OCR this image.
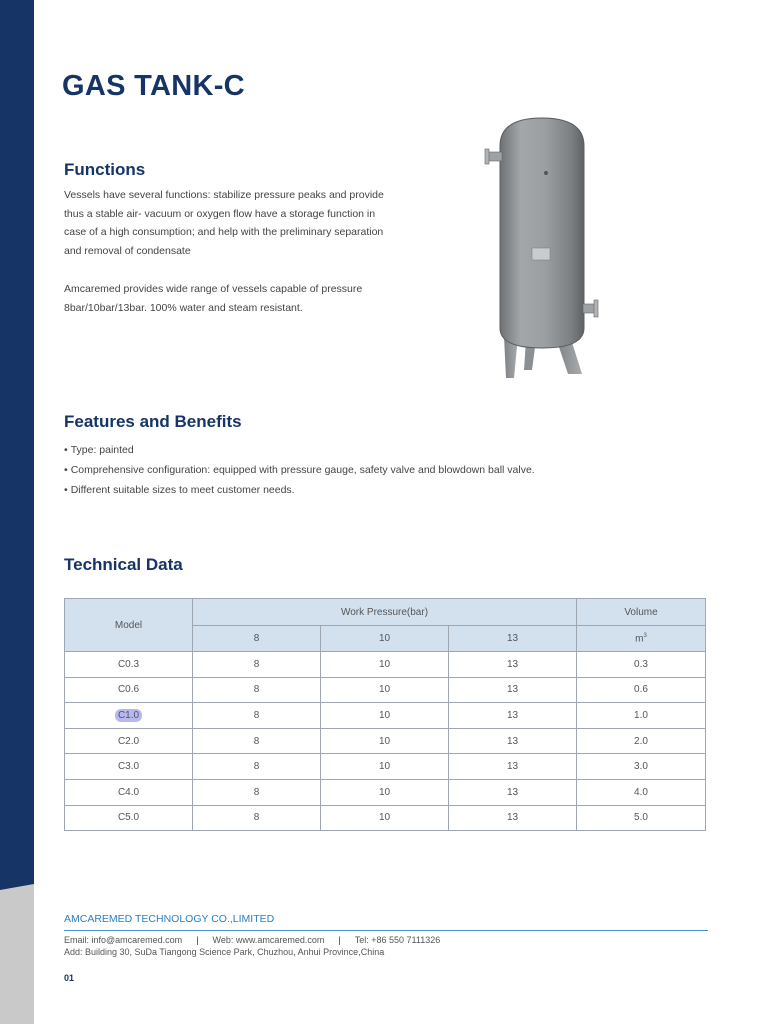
GAS TANK-C
Functions

Vessels have several functions: stabilize pressure peaks and provide thus a stable air- vacuum or oxygen flow have a storage function in case of a high consumption; and help with the preliminary separation and removal of condensate

Amcaremed provides wide range of vessels capable of pressure 8bar/10bar/13bar. 100% water and steam resistant.

Features and Benefits
• Type: painted
• Comprehensive configuration: equipped with pressure gauge, safety valve and blowdown ball valve.
• Different suitable sizes to meet customer needs.
Technical Data
Model	Work Pressure(bar)			Volume
	8	10	13	$m^3$
C0.3	8	10	13	0.3
C0.6	8	10	13	0.6
C1.0	8	10	13	1.0
C2.0	8	10	13	2.0
C3.0	8	10	13	3.0
C4.0	8	10	13	4.0
C5.0	8	10	13	5.0

AMCAREMED TECHNOLOGY CO.,LIMITED

Email: info@amcaremed.com | Web: www.amcaremed.com | Tel: +86 550 7111326
Add: Building 30, SuDa Tiangong Science Park, Chuzhou, Anhui Province,China

01
